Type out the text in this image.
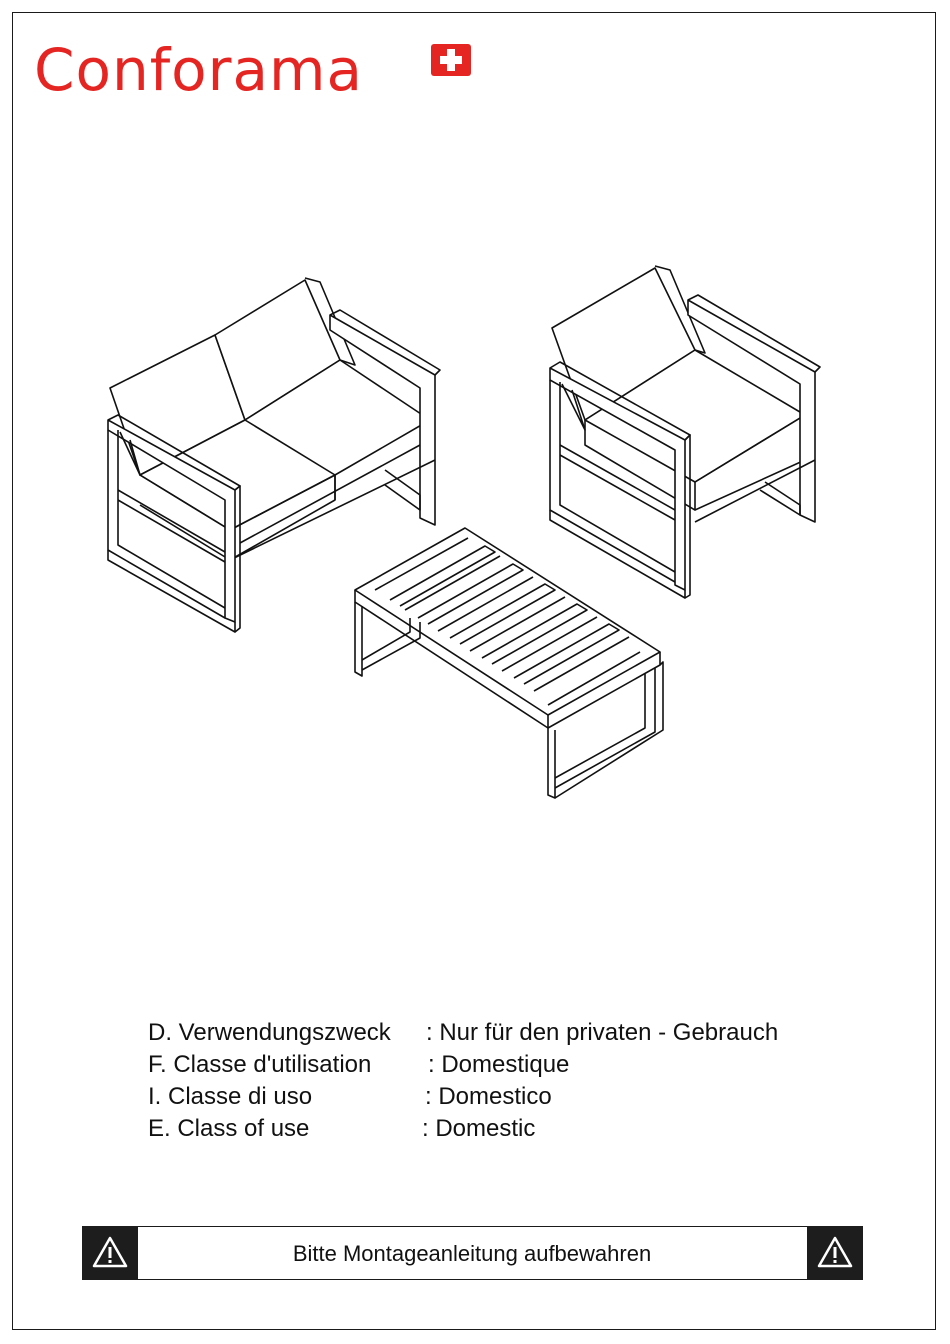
Conforama
D. Verwendungszweck : Nur für den privaten - Gebrauch
F. Classe d'utilisation : Domestique
I. Classe di uso	: Domestico
E. Class of use	: Domestic
Bitte Montageanleitung aufbewahren
